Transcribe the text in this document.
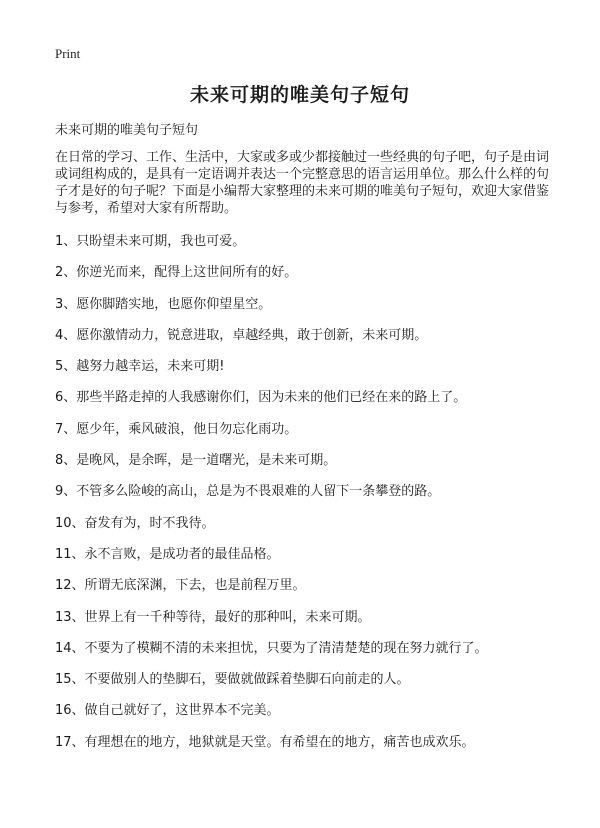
Print
未来可期的唯美句子短句

未来可期的唯美句子短句

在日常的学习、工作、生活中，大家或多或少都接触过一些经典的句子吧，句子是由词或词组构成的，是具有一定语调并表达一个完整意思的语言运用单位。那么什么样的句子才是好的句子呢？下面是小编帮大家整理的未来可期的唯美句子短句，欢迎大家借鉴与参考，希望对大家有所帮助。

1、只盼望未来可期，我也可爱。
2、你逆光而来，配得上这世间所有的好。
3、愿你脚踏实地，也愿你仰望星空。
4、愿你激情动力，锐意进取，卓越经典，敢于创新，未来可期。
5、越努力越幸运，未来可期!
6、那些半路走掉的人我感谢你们，因为未来的他们已经在来的路上了。
7、愿少年，乘风破浪，他日勿忘化雨功。
8、是晚风，是余晖，是一道曙光，是未来可期。
9、不管多么险峻的高山，总是为不畏艰难的人留下一条攀登的路。
10、奋发有为，时不我待。
11、永不言败，是成功者的最佳品格。
12、所谓无底深渊，下去，也是前程万里。
13、世界上有一千种等待，最好的那种叫，未来可期。
14、不要为了模糊不清的未来担忧，只要为了清清楚楚的现在努力就行了。
15、不要做别人的垫脚石，要做就做踩着垫脚石向前走的人。
16、做自己就好了，这世界本不完美。
17、有理想在的地方，地狱就是天堂。有希望在的地方，痛苦也成欢乐。
